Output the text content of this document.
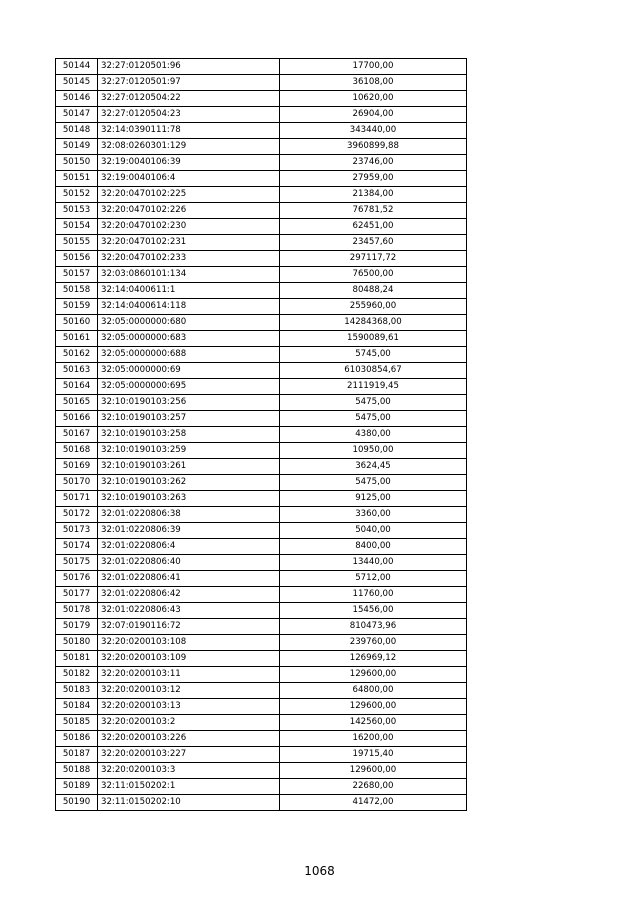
50144	32:27:0120501:96	17700,00
50145	32:27:0120501:97	36108,00
50146	32:27:0120504:22	10620,00
50147	32:27:0120504:23	26904,00
50148	32:14:0390111:78	343440,00
50149	32:08:0260301:129	3960899,88
50150	32:19:0040106:39	23746,00
50151	32:19:0040106:4	27959,00
50152	32:20:0470102:225	21384,00
50153	32:20:0470102:226	76781,52
50154	32:20:0470102:230	62451,00
50155	32:20:0470102:231	23457,60
50156	32:20:0470102:233	297117,72
50157	32:03:0860101:134	76500,00
50158	32:14:0400611:1	80488,24
50159	32:14:0400614:118	255960,00
50160	32:05:0000000:680	14284368,00
50161	32:05:0000000:683	1590089,61
50162	32:05:0000000:688	5745,00
50163	32:05:0000000:69	61030854,67
50164	32:05:0000000:695	2111919,45
50165	32:10:0190103:256	5475,00
50166	32:10:0190103:257	5475,00
50167	32:10:0190103:258	4380,00
50168	32:10:0190103:259	10950,00
50169	32:10:0190103:261	3624,45
50170	32:10:0190103:262	5475,00
50171	32:10:0190103:263	9125,00
50172	32:01:0220806:38	3360,00
50173	32:01:0220806:39	5040,00
50174	32:01:0220806:4	8400,00
50175	32:01:0220806:40	13440,00
50176	32:01:0220806:41	5712,00
50177	32:01:0220806:42	11760,00
50178	32:01:0220806:43	15456,00
50179	32:07:0190116:72	810473,96
50180	32:20:0200103:108	239760,00
50181	32:20:0200103:109	126969,12
50182	32:20:0200103:11	129600,00
50183	32:20:0200103:12	64800,00
50184	32:20:0200103:13	129600,00
50185	32:20:0200103:2	142560,00
50186	32:20:0200103:226	16200,00
50187	32:20:0200103:227	19715,40
50188	32:20:0200103:3	129600,00
50189	32:11:0150202:1	22680,00
50190	32:11:0150202:10	41472,00
1068
